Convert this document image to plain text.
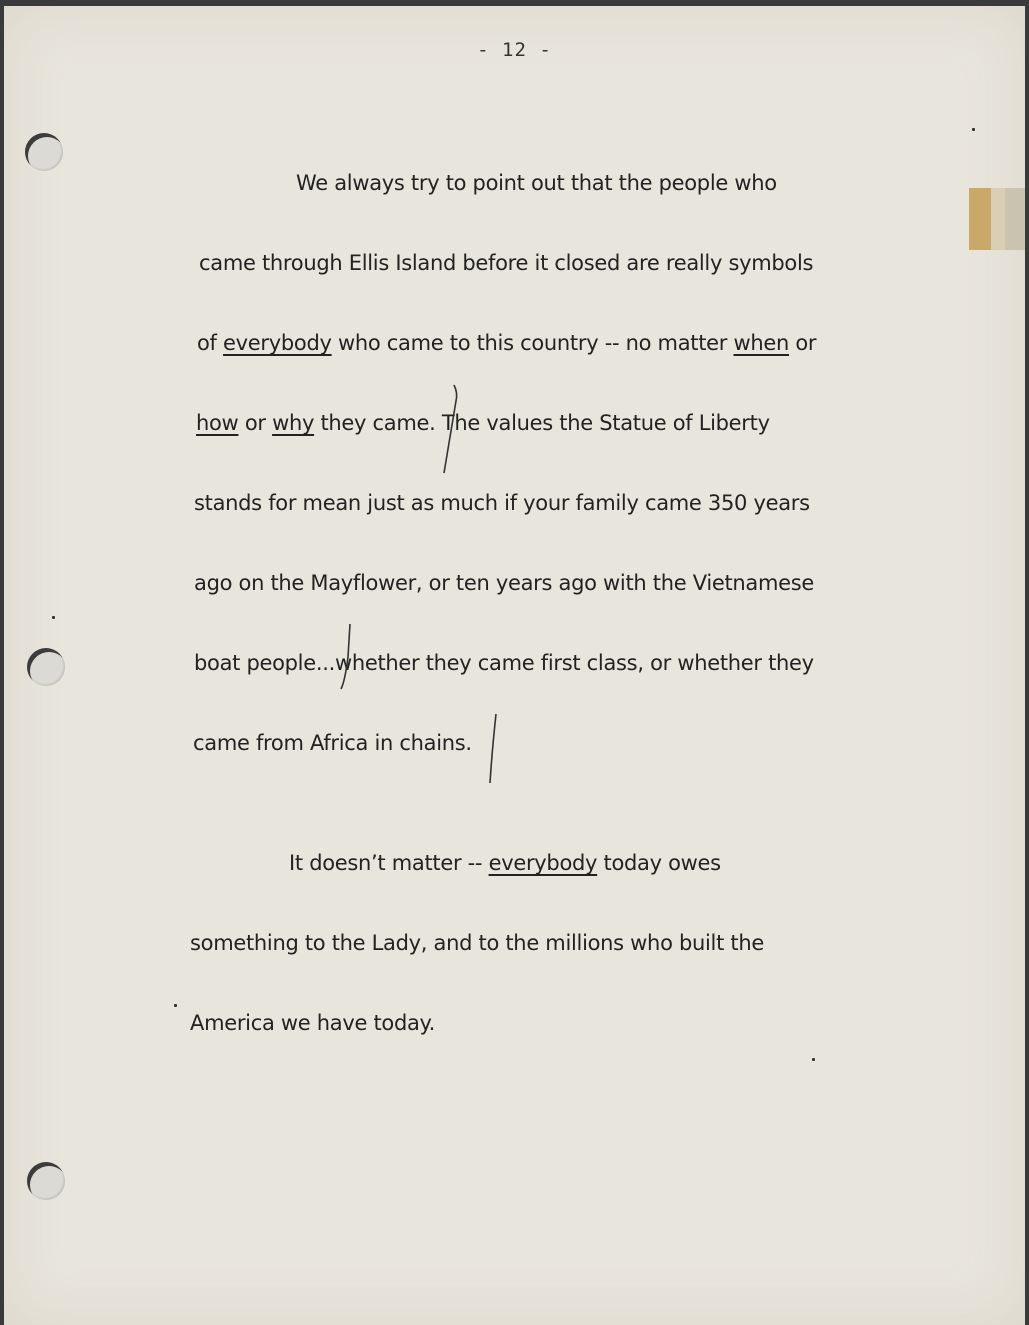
- 12 -
We always try to point out that the people who
came through Ellis Island before it closed are really symbols
of everybody who came to this country -- no matter when or
how or why they came. The values the Statue of Liberty
stands for mean just as much if your family came 350 years
ago on the Mayflower, or ten years ago with the Vietnamese
boat people...whether they came first class, or whether they
came from Africa in chains.
It doesn’t matter -- everybody today owes
something to the Lady, and to the millions who built the
America we have today.
